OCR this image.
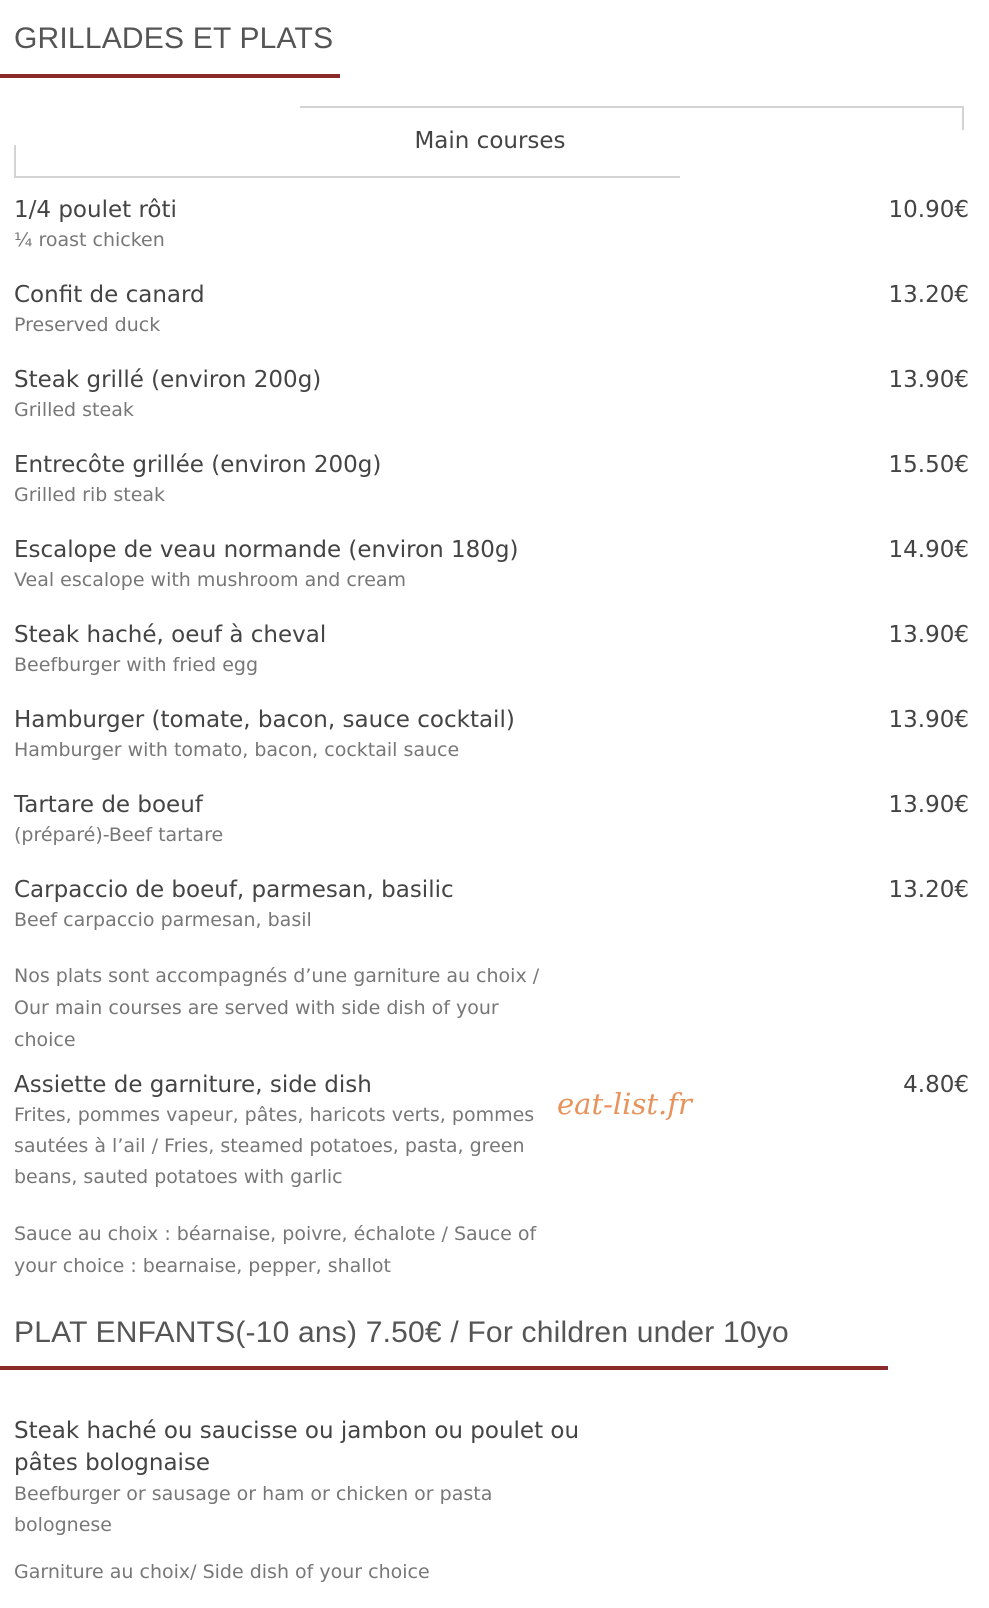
GRILLADES ET PLATS
Main courses
1/4 poulet rôti
¼ roast chicken
10.90€
Confit de canard
Preserved duck
13.20€
Steak grillé (environ 200g)
Grilled steak
13.90€
Entrecôte grillée (environ 200g)
Grilled rib steak
15.50€
Escalope de veau normande (environ 180g)
Veal escalope with mushroom and cream
14.90€
Steak haché, oeuf à cheval
Beefburger with fried egg
13.90€
Hamburger (tomate, bacon, sauce cocktail)
Hamburger with tomato, bacon, cocktail sauce
13.90€
Tartare de boeuf
(préparé)-Beef tartare
13.90€
Carpaccio de boeuf, parmesan, basilic
Beef carpaccio parmesan, basil
13.20€
Nos plats sont accompagnés d’une garniture au choix / Our main courses are served with side dish of your choice
Assiette de garniture, side dish
Frites, pommes vapeur, pâtes, haricots verts, pommes sautées à l’ail / Fries, steamed potatoes, pasta, green beans, sauted potatoes with garlic
4.80€
eat-list.fr
Sauce au choix : béarnaise, poivre, échalote / Sauce of your choice : bearnaise, pepper, shallot
PLAT ENFANTS(-10 ans) 7.50€ / For children under 10yo
Steak haché ou saucisse ou jambon ou poulet ou pâtes bolognaise
Beefburger or sausage or ham or chicken or pasta bolognese
Garniture au choix/ Side dish of your choice
